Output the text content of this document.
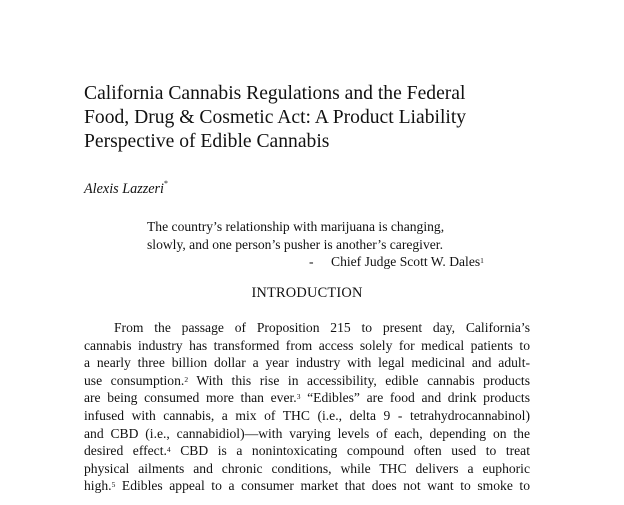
California Cannabis Regulations and the Federal
Food, Drug & Cosmetic Act: A Product Liability
Perspective of Edible Cannabis
Alexis Lazzeri*
The country’s relationship with marijuana is changing,
slowly, and one person’s pusher is another’s caregiver.
- Chief Judge Scott W. Dales$^1$
INTRODUCTION
From the passage of Proposition 215 to present day, California’s
cannabis industry has transformed from access solely for medical patients to
a nearly three billion dollar a year industry with legal medicinal and adult-
use consumption.$^2$ With this rise in accessibility, edible cannabis products
are being consumed more than ever.$^3$ “Edibles” are food and drink products
infused with cannabis, a mix of THC (i.e., delta 9 - tetrahydrocannabinol)
and CBD (i.e., cannabidiol)—with varying levels of each, depending on the
desired effect.$^4$ CBD is a nonintoxicating compound often used to treat
physical ailments and chronic conditions, while THC delivers a euphoric
high.$^5$ Edibles appeal to a consumer market that does not want to smoke to
